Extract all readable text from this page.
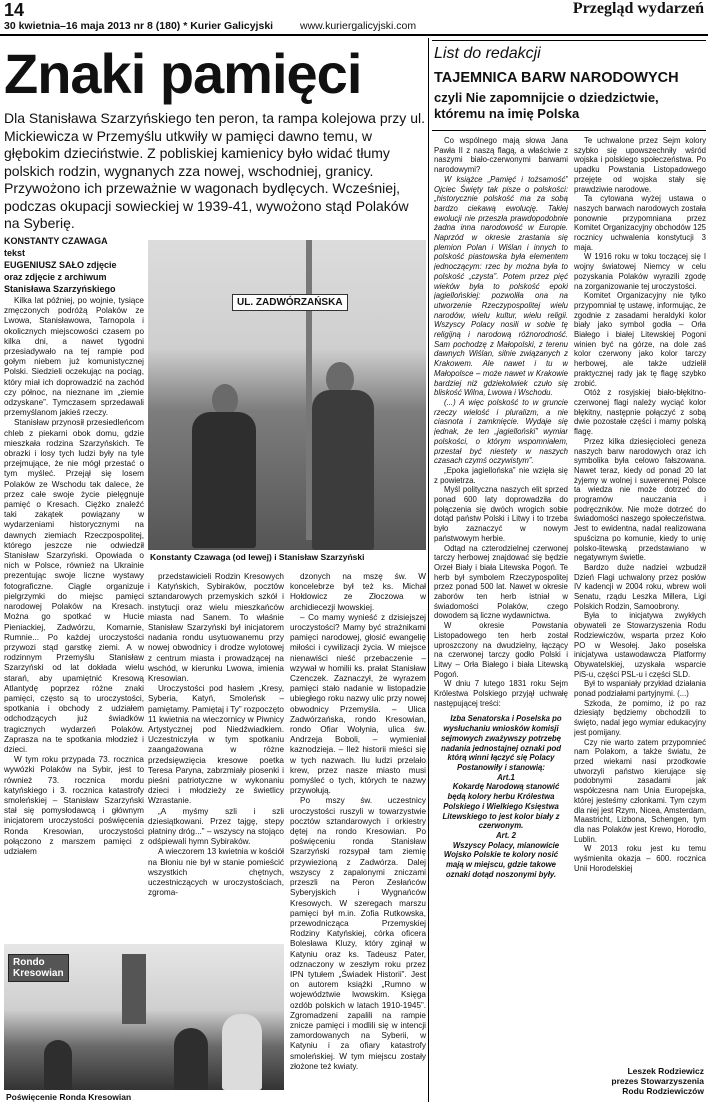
14	Przegląd wydarzeń
30 kwietnia–16 maja 2013 nr 8 (180) * Kurier Galicyjski	www.kuriergalicyjski.com
Znaki pamięci
Dla Stanisława Szarzyńskiego ten peron, ta rampa kolejowa przy ul. Mickiewicza w Przemyślu utkwiły w pamięci dawno temu, w głębokim dzieciństwie. Z pobliskiej kamienicy było widać tłumy polskich rodzin, wygnanych zza nowej, wschodniej, granicy. Przywożono ich przeważnie w wagonach bydlęcych. Wcześniej, podczas okupacji sowieckiej w 1939-41, wywożono stąd Polaków na Syberię.
KONSTANTY CZAWAGA
tekst
EUGENIUSZ SAŁO zdjęcie
oraz zdjęcie z archiwum
Stanisława Szarzyńskiego

Kilka lat później, po wojnie, tysiące zmęczonych podróżą Polaków ze Lwowa, Stanisławowa, Tarnopola i okolicznych miejscowości czasem po kilka dni, a nawet tygodni przesiadywało na tej rampie pod gołym niebem już komunistycznej Polski. Siedzieli oczekując na pociąg, który miał ich doprowadzić na zachód czy północ, na nieznane im „ziemie odzyskane”. Tymczasem sprzedawali przemyślanom jakieś rzeczy.

Stanisław przynosił przesiedleńcom chleb z piekarni obok domu, gdzie mieszkała rodzina Szarzyńskich. Te obrazki i losy tych ludzi były na tyle przejmujące, że nie mógł przestać o tym myśleć. Przejął się losem Polaków ze Wschodu tak dalece, że przez całe swoje życie pielęgnuje pamięć o Kresach. Ciężko znaleźć taki zakątek powiązany w wydarzeniami historycznymi na dawnych ziemiach Rzeczpospolitej, którego jeszcze nie odwiedził Stanisław Szarzyński. Opowiada o nich w Polsce, również na Ukrainie prezentując swoje liczne wystawy fotograficzne. Ciągle organizuje pielgrzymki do miejsc pamięci narodowej Polaków na Kresach. Można go spotkać w Hucie Pieniackiej, Zadwórzu, Komarnie, Rumnie... Po każdej uroczystości przywozi stąd garstkę ziemi. A w rodzinnym Przemyślu Stanisław Szarzyński od lat dokłada wielu starań, aby upamiętnić Kresową Atlantydę poprzez różne znaki pamięci, często są to uroczystości, spotkania i obchody z udziałem odchodzących już świadków tragicznych wydarzeń Polaków. Zaprasza na te spotkania młodzież i dzieci.

W tym roku przypada 73. rocznica wywózki Polaków na Sybir, jest to również 73. rocznica mordu katyńskiego i 3. rocznica katastrofy smoleńskiej – Stanisław Szarzyński stał się pomysłodawcą i głównym inicjatorem uroczystości poświęcenia Ronda Kresowian, uroczystości połączono z marszem pamięci z udziałem

UL. ZADWÓRZAŃSKA
Konstanty Czawaga (od lewej) i Stanisław Szarzyński

przedstawicieli Rodzin Kresowych i Katyńskich, Sybiraków, pocztów sztandarowych przemyskich szkół i instytucji oraz wielu mieszkańców miasta nad Sanem. To właśnie Stanisław Szarzyński był inicjatorem nadania rondu usytuowanemu przy nowej obwodnicy i drodze wylotowej z centrum miasta i prowadzącej na wschód, w kierunku Lwowa, imienia Kresowian.

Uroczystości pod hasłem „Kresy, Syberia, Katyń, Smoleńsk – pamiętamy. Pamiętaj i Ty” rozpoczęto 11 kwietnia na wieczornicy w Piwnicy Artystycznej pod Niedźwiadkiem. Uczestniczyła w tym spotkaniu zaangażowana w różne przedsięwzięcia kresowe poetka Teresa Paryna, zabrzmiały piosenki i pieśni patriotyczne w wykonaniu dzieci i młodzieży ze świetlicy Wzrastanie.

„A myśmy szli i szli dziesiątkowani. Przez tajgę, stepy płatniny dróg...” – wszyscy na stojąco odśpiewali hymn Sybiraków.

A wieczorem 13 kwietnia w kościół na Błoniu nie był w stanie pomieścić wszystkich chętnych, uczestniczących w uroczystościach, zgroma-

dzonych na mszę św. W koncelebrze był też ks. Michał Hołdowicz ze Złoczowa w archidiecezji lwowskiej.

– Co mamy wynieść z dzisiejszej uroczystości? Mamy być strażnikami pamięci narodowej, głosić ewangelię miłości i cywilizacji życia. W miejsce nienawiści nieść przebaczenie – wzywał w homilii ks. prałat Stanisław Czenczek. Zaznaczył, że wyrazem pamięci stało nadanie w listopadzie ubiegłego roku nazwy ulic przy nowej obwodnicy Przemyśla. – Ulica Zadwórzańska, rondo Kresowian, rondo Ofiar Wołynia, ulica św. Andrzeja Boboli, – wymieniał kaznodzieja. – Ileż historii mieści się w tych nazwach. Ilu ludzi przelało krew, przez nasze miasto musi pomyśleć o tych, których te nazwy przywołują.

Po mszy św. uczestnicy uroczystości ruszyli w towarzystwie pocztów sztandarowych i orkiestry dętej na rondo Kresowian. Po poświęceniu ronda Stanisław Szarzyński rozsypał tam ziemię przywiezioną z Zadwórza. Dalej wszyscy z zapalonymi zniczami przeszli na Peron Zesłańców Syberyjskich i Wygnańców Kresowych. W szeregach marszu pamięci był m.in. Zofia Rutkowska, przewodnicząca Przemyskiej Rodziny Katyńskiej, córka oficera Bolesława Kluzy, który zginął w Katyniu oraz ks. Tadeusz Pater, odznaczony w zeszłym roku przez IPN tytułem „Świadek Historii”. Jest on autorem książki „Rumno w województwie lwowskim. Księga ozdób polskich w latach 1910-1945”. Zgromadzeni zapalili na rampie znicze pamięci i modlili się w intencji zamordowanych na Syberii, w Katyniu i za ofiary katastrofy smoleńskiej. W tym miejscu zostały złożone też kwiaty.

Rondo
Kresowian
Poświęcenie Ronda Kresowian
List do redakcji
TAJEMNICA BARW NARODOWYCH
czyli Nie zapomnijcie o dziedzictwie, któremu na imię Polska

Co wspólnego mają słowa Jana Pawła II z naszą flagą, a właściwie z naszymi biało-czerwonymi barwami narodowymi?

W książce „Pamięć i tożsamość” Ojciec Święty tak pisze o polskości: „historycznie polskość ma za sobą bardzo ciekawą ewolucję. Takiej ewolucji nie przeszła prawdopodobnie żadna inna narodowość w Europie. Naprzód w okresie zrastania się plemion Polan i Wiślan i innych to polskość piastowska była elementem jednoczącym: rzec by można była to polskość „czysta”. Potem przez pięć wieków była to polskość epoki jagiellońskiej: pozwoliła ona na utworzenie Rzeczypospolitej wielu narodów, wielu kultur, wielu religii. Wszyscy Polacy nosili w sobie tę religijną i narodową różnorodność. Sam pochodzę z Małopolski, z terenu dawnych Wiślan, silnie związanych z Krakowem. Ale nawet i tu w Małopolsce – może nawet w Krakowie bardziej niż gdziekolwiek czuło się bliskość Wilna, Lwowa i Wschodu.

(...) A więc polskość to w gruncie rzeczy wielość i pluralizm, a nie ciasnota i zamknięcie. Wydaje się jednak, że ten „jagielloński” wymiar polskości, o którym wspomniałem, przestał być niestety w naszych czasach czymś oczywistym”.

„Epoka jagiellońska” nie wzięła się z powietrza.

Myśl polityczna naszych elit sprzed ponad 600 laty doprowadziła do połączenia się dwóch wrogich sobie dotąd państw Polski i Litwy i to trzeba było zaznaczyć w nowym państwowym herbie.

Odtąd na czterodzielnej czerwonej tarczy herbowej znajdować się będzie Orzeł Biały i biała Litewska Pogoń. Te herb był symbolem Rzeczypospolitej przez ponad 500 lat. Nawet w okresie zaborów ten herb istniał w świadomości Polaków, czego dowodem są liczne wydawnictwa.

W okresie Powstania Listopadowego ten herb został uproszczony na dwudzielny, łączący na czerwonej tarczy godło Polski i Litwy – Orła Białego i biała Litewską Pogoń.

W dniu 7 lutego 1831 roku Sejm Królestwa Polskiego przyjął uchwałę następującej treści:

Izba Senatorska i Poselska po wysłuchaniu wniosków komisji sejmowych zważywszy potrzebę nadania jednostajnej oznaki pod którą winni łączyć się Polacy Postanowiły i stanowią:

Art.1

Kokardę Narodową stanowić będą kolory herbu Królestwa Polskiego i Wielkiego Księstwa Litewskiego to jest kolor biały z czerwonym.

Art. 2

Wszyscy Polacy, mianowicie Wojsko Polskie te kolory nosić mają w miejscu, gdzie takowe oznaki dotąd noszonymi były.

Te uchwalone przez Sejm kolory szybko się upowszechniły wśród wojska i polskiego społeczeństwa. Po upadku Powstania Listopadowego przejęte od wojska stały się prawdziwie narodowe.

Ta cytowana wyżej ustawa o naszych barwach narodowych została ponownie przypomniana przez Komitet Organizacyjny obchodów 125 rocznicy uchwalenia konstytucji 3 maja.

W 1916 roku w toku toczącej się I wojny światowej Niemcy w celu pozyskania Polaków wyrazili zgodę na zorganizowanie tej uroczystości.

Komitet Organizacyjny nie tylko przypomniał tę ustawę, informując, że zgodnie z zasadami heraldyki kolor biały jako symbol godła – Orła Białego i białej Litewskiej Pogoni winien być na górze, na dole zaś kolor czerwony jako kolor tarczy herbowej, ale także udzielił praktycznej rady jak tę flagę szybko zrobić.

Otóż z rosyjskiej biało-błękitno-czerwonej flagi należy wyciąć kolor błękitny, następnie połączyć z sobą dwie pozostałe części i mamy polską flagę.

Przez kilka dziesięcioleci geneza naszych barw narodowych oraz ich symbolika była celowo fałszowana. Nawet teraz, kiedy od ponad 20 lat żyjemy w wolnej i suwerennej Polsce ta wiedza nie może dotrzeć do programów nauczania i podręczników. Nie może dotrzeć do świadomości naszego społeczeństwa. Jest to ewidentna, nadal realizowana spuścizna po komunie, kiedy to unię polsko-litewską przedstawiano w negatywnym świetle.

Bardzo duże nadziei wzbudził Dzień Flagi uchwalony przez posłów IV kadencji w 2004 roku, wbrew woli Senatu, rządu Leszka Millera, Ligi Polskich Rodzin, Samoobrony.

Była to inicjatywa zwykłych obywateli ze Stowarzyszenia Rodu Rodziewiczów, wsparta przez Koło PO w Wesołej. Jako posełska inicjatywa ustawodawcza Platformy Obywatelskiej, uzyskała wsparcie PiS-u, części PSL-u i części SLD.

Był to wspaniały przykład działania ponad podziałami partyjnymi. (...)

Szkoda, że pomimo, iż po raz dziesiąty będziemy obchodzili to święto, nadal jego wymiar edukacyjny jest pomijany.

Czy nie warto zatem przypomnieć nam Polakom, a także światu, że przed wiekami nasi przodkowie utworzyli państwo kierujące się podobnymi zasadami jak współczesna nam Unia Europejska, której jesteśmy członkami. Tym czym dla niej jest Rzym, Nicea, Amsterdam, Maastricht, Lizbona, Schengen, tym dla nas Polaków jest Krewo, Horodło, Lublin.

W 2013 roku jest ku temu wyśmienita okazja – 600. rocznica Unii Horodelskiej

Leszek Rodziewicz
prezes Stowarzyszenia
Rodu Rodziewiczów
